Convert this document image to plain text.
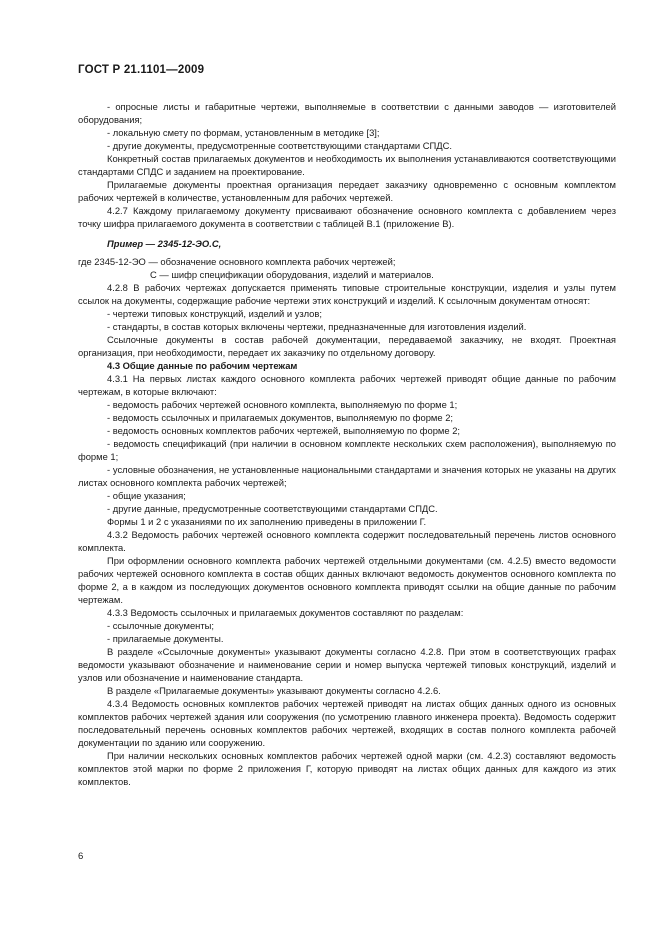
ГОСТ Р 21.1101—2009

- опросные листы и габаритные чертежи, выполняемые в соответствии с данными заводов — изготовителей оборудования;

- локальную смету по формам, установленным в методике [3];

- другие документы, предусмотренные соответствующими стандартами СПДС.

Конкретный состав прилагаемых документов и необходимость их выполнения устанавливаются соответствующими стандартами СПДС и заданием на проектирование.

Прилагаемые документы проектная организация передает заказчику одновременно с основным комплектом рабочих чертежей в количестве, установленным для рабочих чертежей.

4.2.7 Каждому прилагаемому документу присваивают обозначение основного комплекта с добавлением через точку шифра прилагаемого документа в соответствии с таблицей В.1 (приложение В).

Пример — 2345-12-ЭО.С,

где 2345-12-ЭО — обозначение основного комплекта рабочих чертежей;

С — шифр спецификации оборудования, изделий и материалов.

4.2.8 В рабочих чертежах допускается применять типовые строительные конструкции, изделия и узлы путем ссылок на документы, содержащие рабочие чертежи этих конструкций и изделий. К ссылочным документам относят:

- чертежи типовых конструкций, изделий и узлов;

- стандарты, в состав которых включены чертежи, предназначенные для изготовления изделий.

Ссылочные документы в состав рабочей документации, передаваемой заказчику, не входят. Проектная организация, при необходимости, передает их заказчику по отдельному договору.

4.3 Общие данные по рабочим чертежам

4.3.1 На первых листах каждого основного комплекта рабочих чертежей приводят общие данные по рабочим чертежам, в которые включают:

- ведомость рабочих чертежей основного комплекта, выполняемую по форме 1;

- ведомость ссылочных и прилагаемых документов, выполняемую по форме 2;

- ведомость основных комплектов рабочих чертежей, выполняемую по форме 2;

- ведомость спецификаций (при наличии в основном комплекте нескольких схем расположения), выполняемую по форме 1;

- условные обозначения, не установленные национальными стандартами и значения которых не указаны на других листах основного комплекта рабочих чертежей;

- общие указания;

- другие данные, предусмотренные соответствующими стандартами СПДС.

Формы 1 и 2 с указаниями по их заполнению приведены в приложении Г.

4.3.2 Ведомость рабочих чертежей основного комплекта содержит последовательный перечень листов основного комплекта.

При оформлении основного комплекта рабочих чертежей отдельными документами (см. 4.2.5) вместо ведомости рабочих чертежей основного комплекта в состав общих данных включают ведомость документов основного комплекта по форме 2, а в каждом из последующих документов основного комплекта приводят ссылки на общие данные по рабочим чертежам.

4.3.3 Ведомость ссылочных и прилагаемых документов составляют по разделам:

- ссылочные документы;

- прилагаемые документы.

В разделе «Ссылочные документы» указывают документы согласно 4.2.8. При этом в соответствующих графах ведомости указывают обозначение и наименование серии и номер выпуска чертежей типовых конструкций, изделий и узлов или обозначение и наименование стандарта.

В разделе «Прилагаемые документы» указывают документы согласно 4.2.6.

4.3.4 Ведомость основных комплектов рабочих чертежей приводят на листах общих данных одного из основных комплектов рабочих чертежей здания или сооружения (по усмотрению главного инженера проекта). Ведомость содержит последовательный перечень основных комплектов рабочих чертежей, входящих в состав полного комплекта рабочей документации по зданию или сооружению.

При наличии нескольких основных комплектов рабочих чертежей одной марки (см. 4.2.3) составляют ведомость комплектов этой марки по форме 2 приложения Г, которую приводят на листах общих данных для каждого из этих комплектов.

6
